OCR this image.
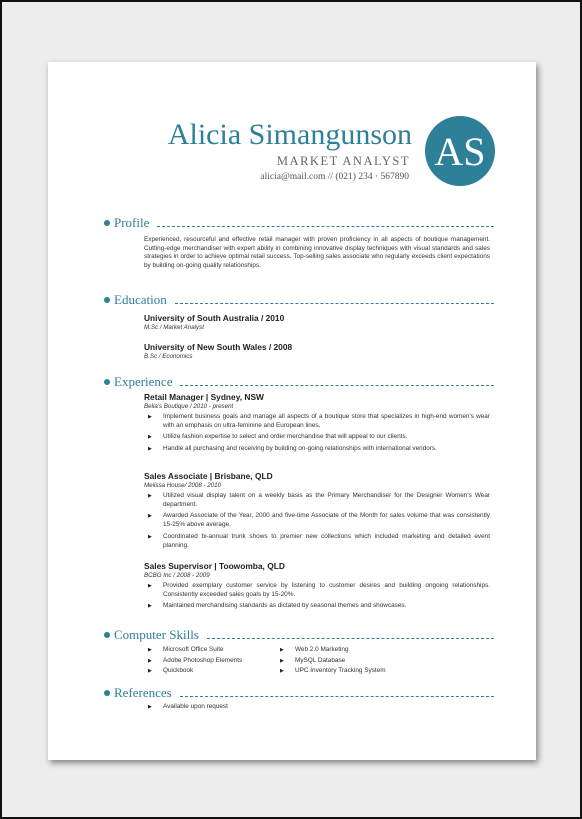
Alicia Simangunson
MARKET ANALYST
alicia@mail.com // (021) 234 · 567890
AS
Profile
Experienced, resourceful and effective retail manager with proven proficiency in all aspects of boutique management. Cutting-edge merchandiser with expert ability in combining innovative display techniques with visual standards and sales strategies in order to achieve optimal retail success. Top-selling sales associate who regularly exceeds client expectations by building on-going quality relationships.
Education
University of South Australia / 2010
M.Sc / Market Analyst
University of New South Wales / 2008
B.Sc / Economics
Experience
Retail Manager | Sydney, NSW
Bella's Boutique / 2010 - present
▶ Implement business goals and manage all aspects of a boutique store that specializes in high-end women's wear with an emphasis on ultra-feminine and European lines.
▶ Utilize fashion expertise to select and order merchandise that will appeal to our clients.
▶ Handle all purchasing and receiving by building on-going relationships with international vendors.
Sales Associate | Brisbane, QLD
Melissa House/ 2008 - 2010
▶ Utilized visual display talent on a weekly basis as the Primary Merchandiser for the Designer Women's Wear department.
▶ Awarded Associate of the Year, 2000 and five-time Associate of the Month for sales volume that was consistently 15-25% above average.
▶ Coordinated bi-annual trunk shows to premier new collections which included marketing and detailed event planning.
Sales Supervisor | Toowomba, QLD
BCBG Inc / 2008 - 2009
▶ Provided exemplary customer service by listening to customer desires and building ongoing relationships. Consistently exceeded sales goals by 15-20%.
▶ Maintained merchandising standards as dictated by seasonal themes and showcases.
Computer Skills
▶ Microsoft Office Suite
▶ Adobe Photoshop Elements
▶ Quickbook
▶ Web 2.0 Marketing
▶ MySQL Database
▶ UPC Inventory Tracking System
References
▶ Available upon request
